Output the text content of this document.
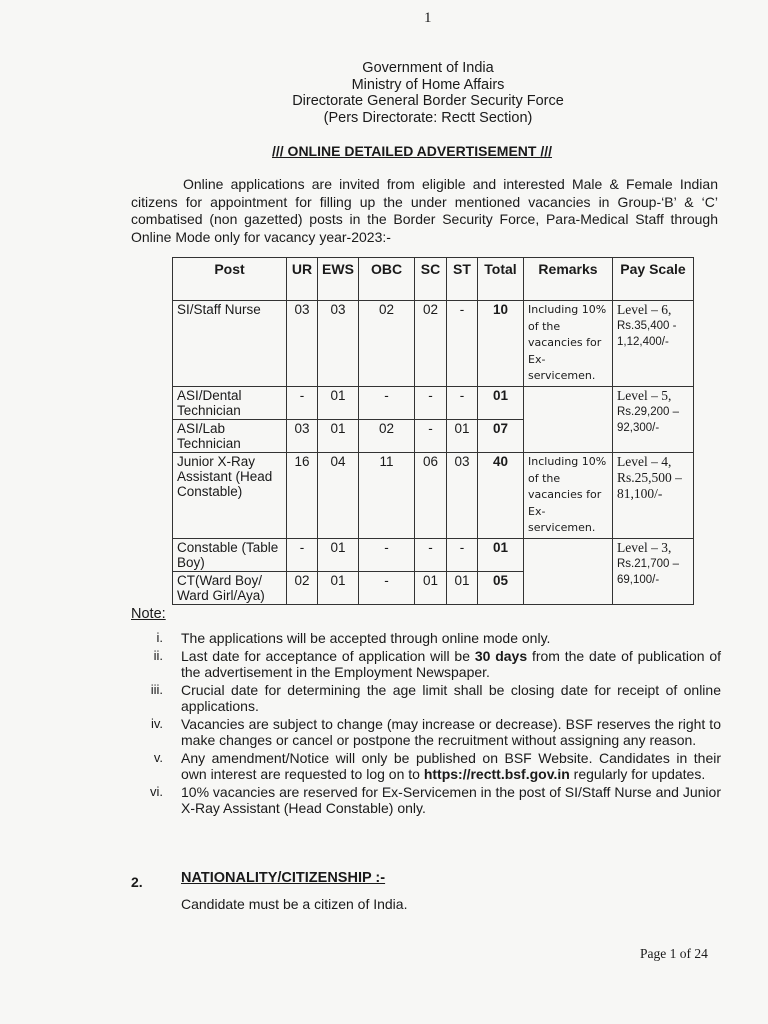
1
Government of India
Ministry of Home Affairs
Directorate General Border Security Force
(Pers Directorate: Rectt Section)
/// ONLINE DETAILED ADVERTISEMENT ///
Online applications are invited from eligible and interested Male & Female Indian citizens for appointment for filling up the under mentioned vacancies in Group-‘B’ & ‘C’ combatised (non gazetted) posts in the Border Security Force, Para-Medical Staff through Online Mode only for vacancy year-2023:-
Post	UR	EWS	OBC	SC	ST	Total	Remarks	Pay Scale
SI/Staff Nurse	03	03	02	02	-	10	Including 10% of the vacancies for Ex-servicemen.	Level – 6,
Rs.35,400 - 1,12,400/-

ASI/Dental Technician	-	01	-	-	-	01		Level – 5,
Rs.29,200 – 92,300/-

ASI/Lab Technician	03	01	02	-	01	07		
Junior X-Ray Assistant (Head Constable)	16	04	11	06	03	40	Including 10% of the vacancies for Ex-servicemen.	Level – 4,
Rs.25,500 – 81,100/-

Constable (Table Boy)	-	01	-	-	-	01		Level – 3,
Rs.21,700 – 69,100/-

CT(Ward Boy/ Ward Girl/Aya)	02	01	-	01	01	05		
Note:
i. The applications will be accepted through online mode only.
ii. Last date for acceptance of application will be 30 days from the date of publication of the advertisement in the Employment Newspaper.
iii. Crucial date for determining the age limit shall be closing date for receipt of online applications.
iv. Vacancies are subject to change (may increase or decrease). BSF reserves the right to make changes or cancel or postpone the recruitment without assigning any reason.
v. Any amendment/Notice will only be published on BSF Website. Candidates in their own interest are requested to log on to https://rectt.bsf.gov.in regularly for updates.
vi. 10% vacancies are reserved for Ex-Servicemen in the post of SI/Staff Nurse and Junior X-Ray Assistant (Head Constable) only.
2.	NATIONALITY/CITIZENSHIP :-
Candidate must be a citizen of India.
Page 1 of 24
